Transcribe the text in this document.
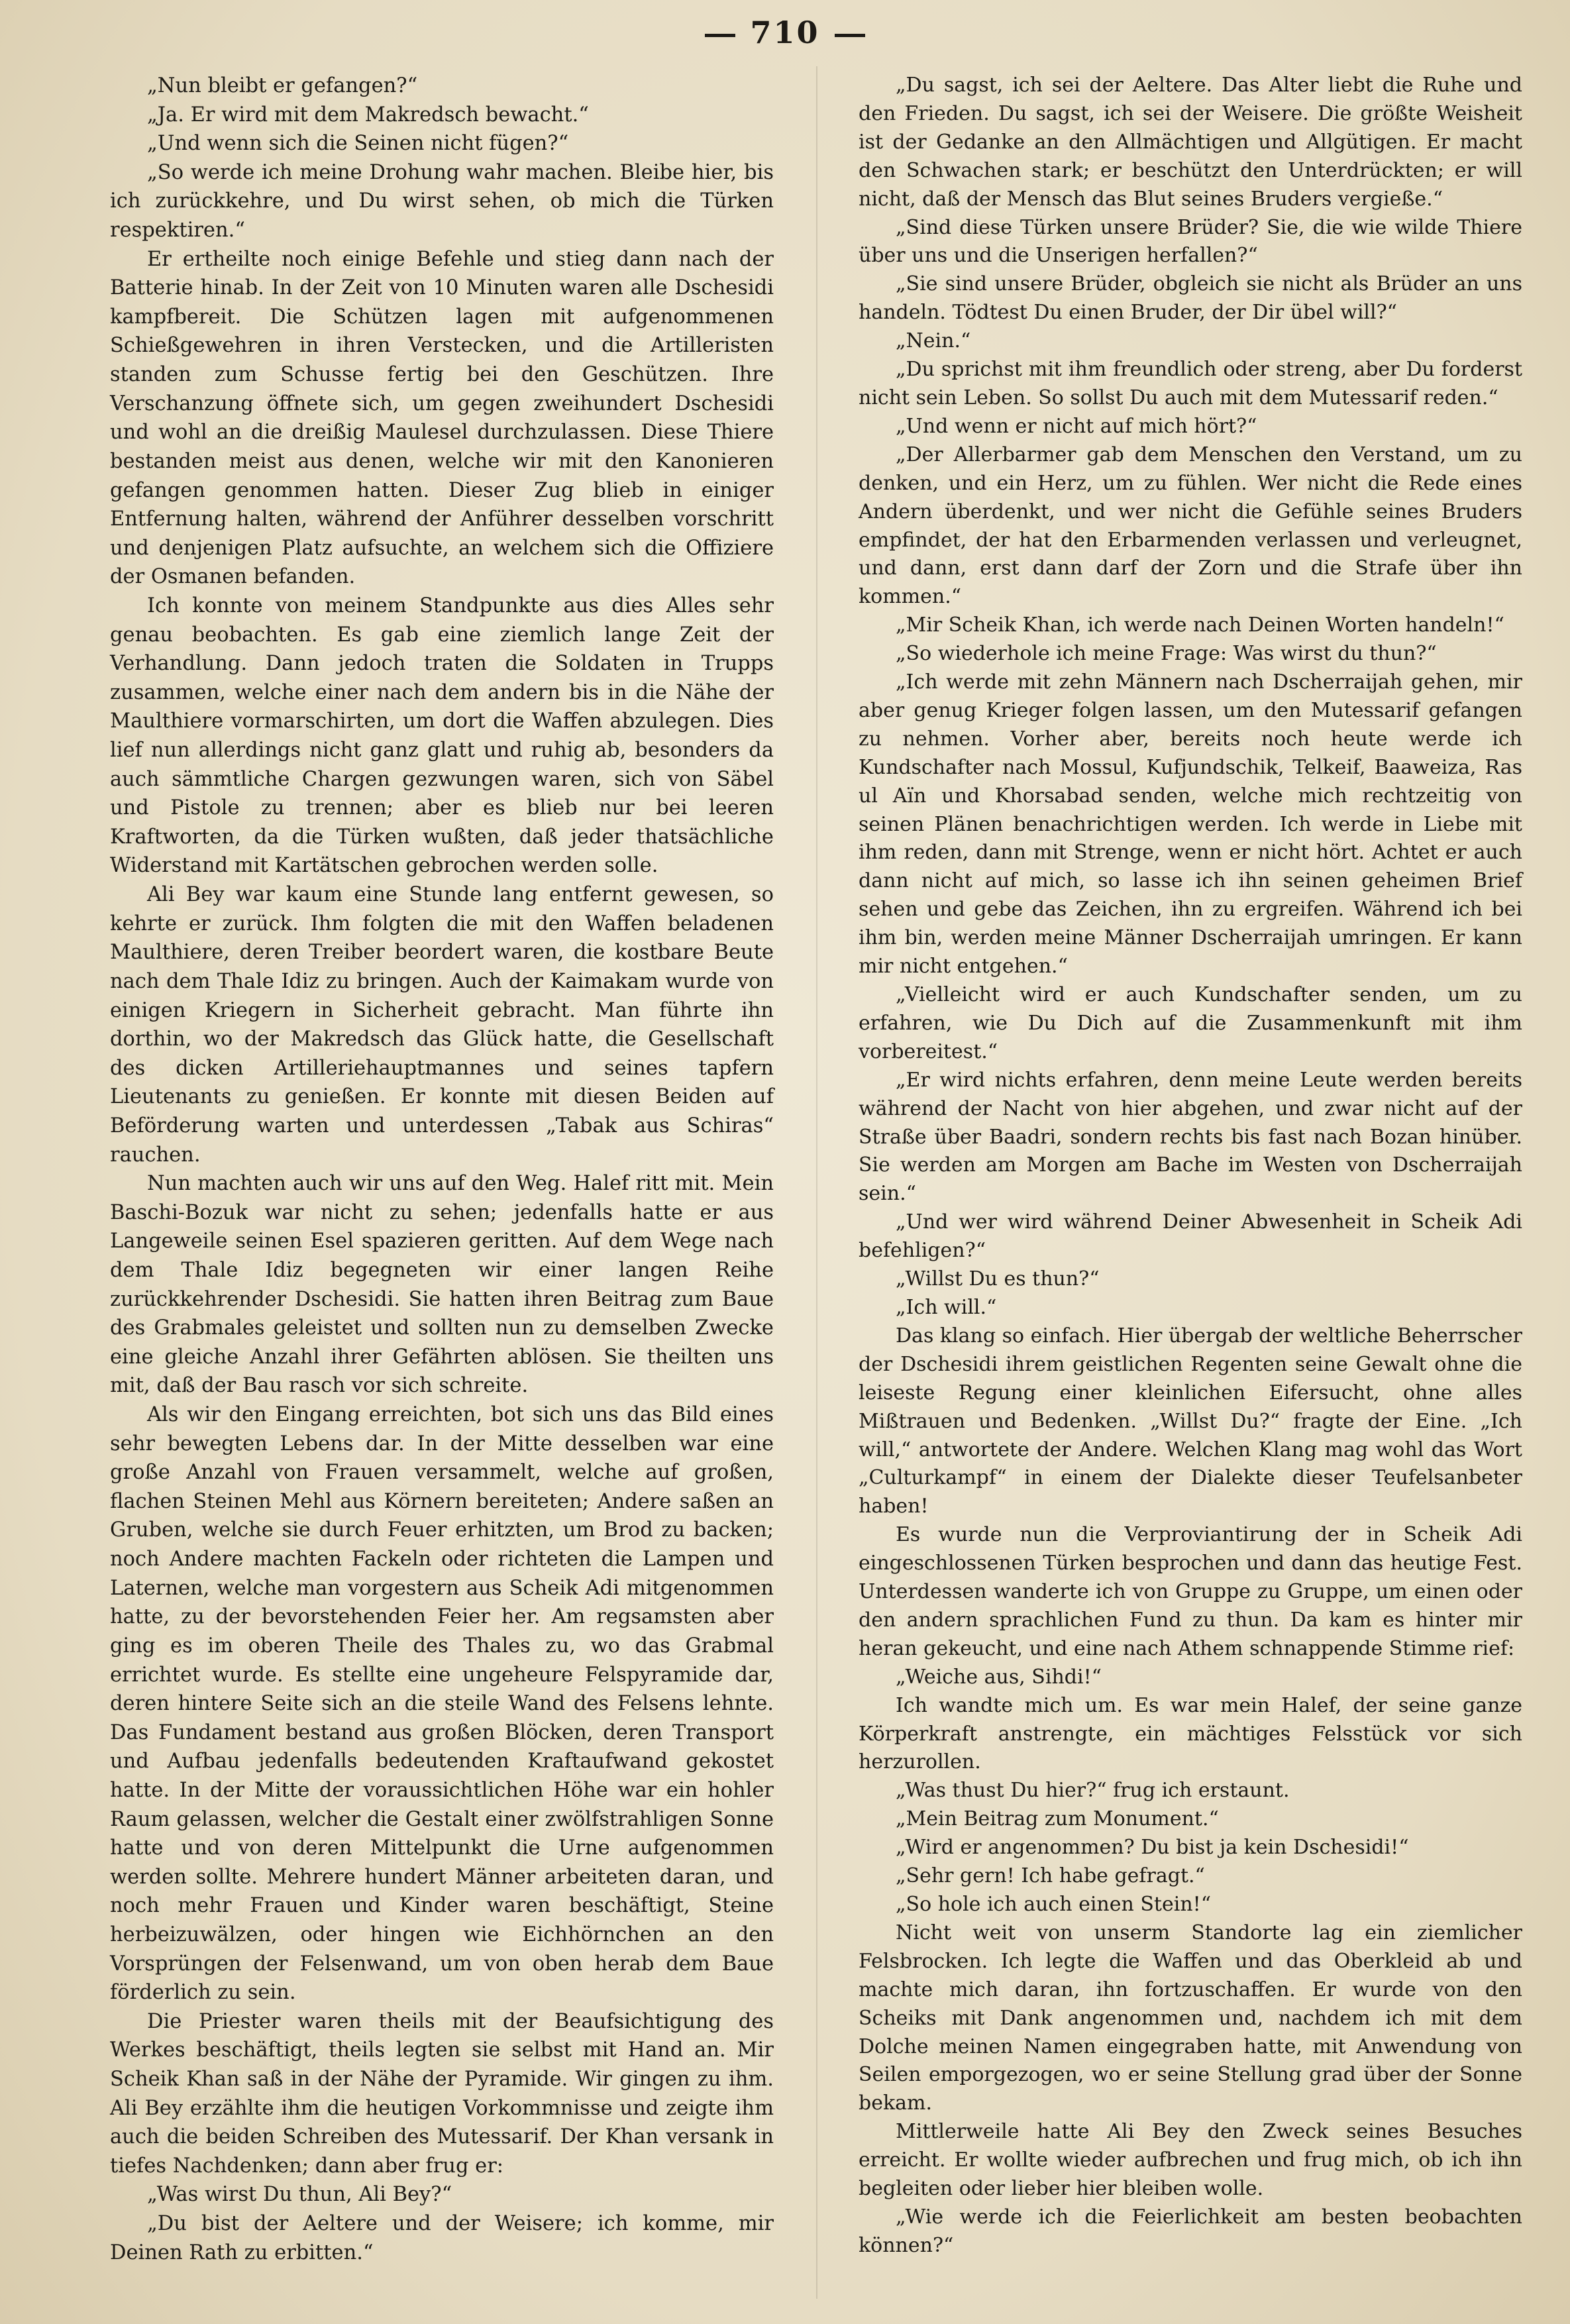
710

„Nun bleibt er gefangen?“

„Ja. Er wird mit dem Makredsch bewacht.“

„Und wenn sich die Seinen nicht fügen?“

„So werde ich meine Drohung wahr machen. Bleibe hier, bis ich zurückkehre, und Du wirst sehen, ob mich die Türken respektiren.“

Er ertheilte noch einige Befehle und stieg dann nach der Batterie hinab. In der Zeit von 10 Minuten waren alle Dschesidi kampfbereit. Die Schützen lagen mit aufgenommenen Schießgewehren in ihren Verstecken, und die Artilleristen standen zum Schusse fertig bei den Geschützen. Ihre Verschanzung öffnete sich, um gegen zweihundert Dschesidi und wohl an die dreißig Maulesel durchzulassen. Diese Thiere bestanden meist aus denen, welche wir mit den Kanonieren gefangen genommen hatten. Dieser Zug blieb in einiger Entfernung halten, während der Anführer desselben vorschritt und denjenigen Platz aufsuchte, an welchem sich die Offiziere der Osmanen befanden.

Ich konnte von meinem Standpunkte aus dies Alles sehr genau beobachten. Es gab eine ziemlich lange Zeit der Verhandlung. Dann jedoch traten die Soldaten in Trupps zusammen, welche einer nach dem andern bis in die Nähe der Maulthiere vormarschirten, um dort die Waffen abzulegen. Dies lief nun allerdings nicht ganz glatt und ruhig ab, besonders da auch sämmtliche Chargen gezwungen waren, sich von Säbel und Pistole zu trennen; aber es blieb nur bei leeren Kraftworten, da die Türken wußten, daß jeder thatsächliche Widerstand mit Kartätschen gebrochen werden solle.

Ali Bey war kaum eine Stunde lang entfernt gewesen, so kehrte er zurück. Ihm folgten die mit den Waffen beladenen Maulthiere, deren Treiber beordert waren, die kostbare Beute nach dem Thale Idiz zu bringen. Auch der Kaimakam wurde von einigen Kriegern in Sicherheit gebracht. Man führte ihn dorthin, wo der Makredsch das Glück hatte, die Gesellschaft des dicken Artilleriehauptmannes und seines tapfern Lieutenants zu genießen. Er konnte mit diesen Beiden auf Beförderung warten und unterdessen „Tabak aus Schiras“ rauchen.

Nun machten auch wir uns auf den Weg. Halef ritt mit. Mein Baschi-Bozuk war nicht zu sehen; jedenfalls hatte er aus Langeweile seinen Esel spazieren geritten. Auf dem Wege nach dem Thale Idiz begegneten wir einer langen Reihe zurückkehrender Dschesidi. Sie hatten ihren Beitrag zum Baue des Grabmales geleistet und sollten nun zu demselben Zwecke eine gleiche Anzahl ihrer Gefährten ablösen. Sie theilten uns mit, daß der Bau rasch vor sich schreite.

Als wir den Eingang erreichten, bot sich uns das Bild eines sehr bewegten Lebens dar. In der Mitte desselben war eine große Anzahl von Frauen versammelt, welche auf großen, flachen Steinen Mehl aus Körnern bereiteten; Andere saßen an Gruben, welche sie durch Feuer erhitzten, um Brod zu backen; noch Andere machten Fackeln oder richteten die Lampen und Laternen, welche man vorgestern aus Scheik Adi mitgenommen hatte, zu der bevorstehenden Feier her. Am regsamsten aber ging es im oberen Theile des Thales zu, wo das Grabmal errichtet wurde. Es stellte eine ungeheure Felspyramide dar, deren hintere Seite sich an die steile Wand des Felsens lehnte. Das Fundament bestand aus großen Blöcken, deren Transport und Aufbau jedenfalls bedeutenden Kraftaufwand gekostet hatte. In der Mitte der voraussichtlichen Höhe war ein hohler Raum gelassen, welcher die Gestalt einer zwölfstrahligen Sonne hatte und von deren Mittelpunkt die Urne aufgenommen werden sollte. Mehrere hundert Männer arbeiteten daran, und noch mehr Frauen und Kinder waren beschäftigt, Steine herbeizuwälzen, oder hingen wie Eichhörnchen an den Vorsprüngen der Felsenwand, um von oben herab dem Baue förderlich zu sein.

Die Priester waren theils mit der Beaufsichtigung des Werkes beschäftigt, theils legten sie selbst mit Hand an. Mir Scheik Khan saß in der Nähe der Pyramide. Wir gingen zu ihm. Ali Bey erzählte ihm die heutigen Vorkommnisse und zeigte ihm auch die beiden Schreiben des Mutessarif. Der Khan versank in tiefes Nachdenken; dann aber frug er:

„Was wirst Du thun, Ali Bey?“

„Du bist der Aeltere und der Weisere; ich komme, mir Deinen Rath zu erbitten.“

„Du sagst, ich sei der Aeltere. Das Alter liebt die Ruhe und den Frieden. Du sagst, ich sei der Weisere. Die größte Weisheit ist der Gedanke an den Allmächtigen und Allgütigen. Er macht den Schwachen stark; er beschützt den Unterdrückten; er will nicht, daß der Mensch das Blut seines Bruders vergieße.“

„Sind diese Türken unsere Brüder? Sie, die wie wilde Thiere über uns und die Unserigen herfallen?“

„Sie sind unsere Brüder, obgleich sie nicht als Brüder an uns handeln. Tödtest Du einen Bruder, der Dir übel will?“

„Nein.“

„Du sprichst mit ihm freundlich oder streng, aber Du forderst nicht sein Leben. So sollst Du auch mit dem Mutessarif reden.“

„Und wenn er nicht auf mich hört?“

„Der Allerbarmer gab dem Menschen den Verstand, um zu denken, und ein Herz, um zu fühlen. Wer nicht die Rede eines Andern überdenkt, und wer nicht die Gefühle seines Bruders empfindet, der hat den Erbarmenden verlassen und verleugnet, und dann, erst dann darf der Zorn und die Strafe über ihn kommen.“

„Mir Scheik Khan, ich werde nach Deinen Worten handeln!“

„So wiederhole ich meine Frage: Was wirst du thun?“

„Ich werde mit zehn Männern nach Dscherraijah gehen, mir aber genug Krieger folgen lassen, um den Mutessarif gefangen zu nehmen. Vorher aber, bereits noch heute werde ich Kundschafter nach Mossul, Kufjundschik, Telkeif, Baaweiza, Ras ul Aïn und Khorsabad senden, welche mich rechtzeitig von seinen Plänen benachrichtigen werden. Ich werde in Liebe mit ihm reden, dann mit Strenge, wenn er nicht hört. Achtet er auch dann nicht auf mich, so lasse ich ihn seinen geheimen Brief sehen und gebe das Zeichen, ihn zu ergreifen. Während ich bei ihm bin, werden meine Männer Dscherraijah umringen. Er kann mir nicht entgehen.“

„Vielleicht wird er auch Kundschafter senden, um zu erfahren, wie Du Dich auf die Zusammenkunft mit ihm vorbereitest.“

„Er wird nichts erfahren, denn meine Leute werden bereits während der Nacht von hier abgehen, und zwar nicht auf der Straße über Baadri, sondern rechts bis fast nach Bozan hinüber. Sie werden am Morgen am Bache im Westen von Dscherraijah sein.“

„Und wer wird während Deiner Abwesenheit in Scheik Adi befehligen?“

„Willst Du es thun?“

„Ich will.“

Das klang so einfach. Hier übergab der weltliche Beherrscher der Dschesidi ihrem geistlichen Regenten seine Gewalt ohne die leiseste Regung einer kleinlichen Eifersucht, ohne alles Mißtrauen und Bedenken. „Willst Du?“ fragte der Eine. „Ich will,“ antwortete der Andere. Welchen Klang mag wohl das Wort „Culturkampf“ in einem der Dialekte dieser Teufelsanbeter haben!

Es wurde nun die Verproviantirung der in Scheik Adi eingeschlossenen Türken besprochen und dann das heutige Fest. Unterdessen wanderte ich von Gruppe zu Gruppe, um einen oder den andern sprachlichen Fund zu thun. Da kam es hinter mir heran gekeucht, und eine nach Athem schnappende Stimme rief:

„Weiche aus, Sihdi!“

Ich wandte mich um. Es war mein Halef, der seine ganze Körperkraft anstrengte, ein mächtiges Felsstück vor sich herzurollen.

„Was thust Du hier?“ frug ich erstaunt.

„Mein Beitrag zum Monument.“

„Wird er angenommen? Du bist ja kein Dschesidi!“

„Sehr gern! Ich habe gefragt.“

„So hole ich auch einen Stein!“

Nicht weit von unserm Standorte lag ein ziemlicher Felsbrocken. Ich legte die Waffen und das Oberkleid ab und machte mich daran, ihn fortzuschaffen. Er wurde von den Scheiks mit Dank angenommen und, nachdem ich mit dem Dolche meinen Namen eingegraben hatte, mit Anwendung von Seilen emporgezogen, wo er seine Stellung grad über der Sonne bekam.

Mittlerweile hatte Ali Bey den Zweck seines Besuches erreicht. Er wollte wieder aufbrechen und frug mich, ob ich ihn begleiten oder lieber hier bleiben wolle.

„Wie werde ich die Feierlichkeit am besten beobachten können?“
